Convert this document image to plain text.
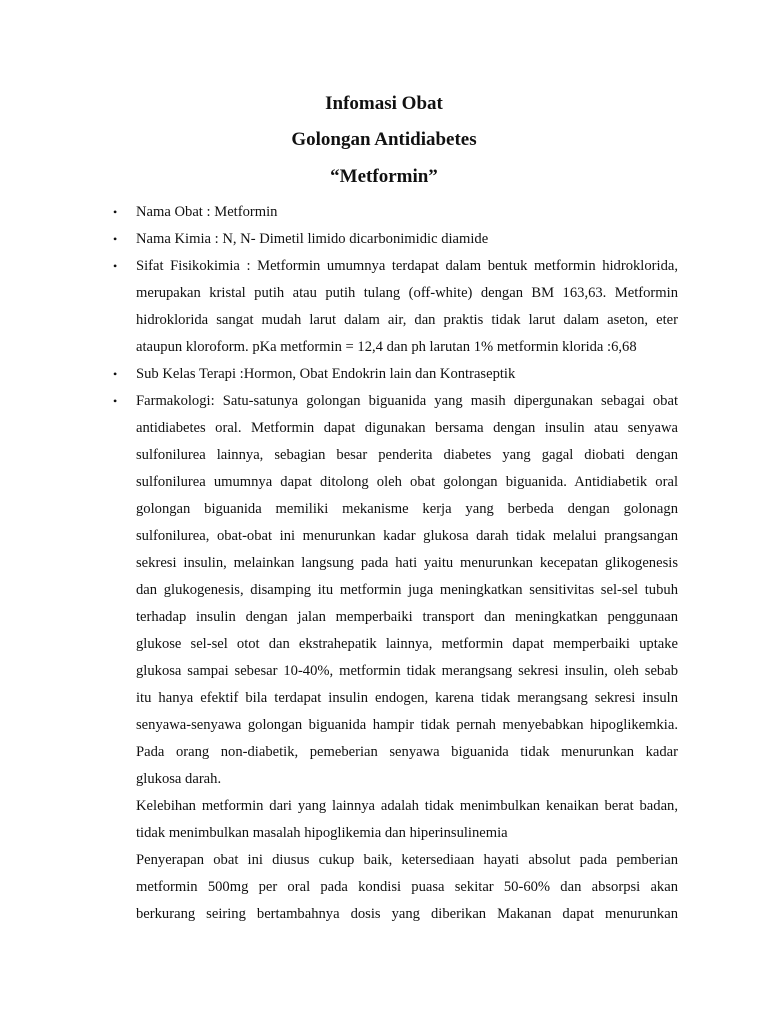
Infomasi Obat
Golongan Antidiabetes
“Metformin”
• Nama Obat : Metformin
• Nama Kimia : N, N- Dimetil limido dicarbonimidic diamide
• Sifat Fisikokimia : Metformin umumnya terdapat dalam bentuk metformin hidroklorida,
merupakan kristal putih atau putih tulang (off-white) dengan BM 163,63. Metformin
hidroklorida sangat mudah larut dalam air, dan praktis tidak larut dalam aseton, eter
ataupun kloroform. pKa metformin = 12,4 dan ph larutan 1% metformin klorida :6,68
• Sub Kelas Terapi :Hormon, Obat Endokrin lain dan Kontraseptik
• Farmakologi: Satu-satunya golongan biguanida yang masih dipergunakan sebagai obat
antidiabetes oral. Metformin dapat digunakan bersama dengan insulin atau senyawa
sulfonilurea lainnya, sebagian besar penderita diabetes yang gagal diobati dengan
sulfonilurea umumnya dapat ditolong oleh obat golongan biguanida. Antidiabetik oral
golongan biguanida memiliki mekanisme kerja yang berbeda dengan golonagn
sulfonilurea, obat-obat ini menurunkan kadar glukosa darah tidak melalui prangsangan
sekresi insulin, melainkan langsung pada hati yaitu menurunkan kecepatan glikogenesis
dan glukogenesis, disamping itu metformin juga meningkatkan sensitivitas sel-sel tubuh
terhadap insulin dengan jalan memperbaiki transport dan meningkatkan penggunaan
glukose sel-sel otot dan ekstrahepatik lainnya, metformin dapat memperbaiki uptake
glukosa sampai sebesar 10-40%, metformin tidak merangsang sekresi insulin, oleh sebab
itu hanya efektif bila terdapat insulin endogen, karena tidak merangsang sekresi insuln
senyawa-senyawa golongan biguanida hampir tidak pernah menyebabkan hipoglikemkia.
Pada orang non-diabetik, pemeberian senyawa biguanida tidak menurunkan kadar
glukosa darah.
Kelebihan metformin dari yang lainnya adalah tidak menimbulkan kenaikan berat badan,
tidak menimbulkan masalah hipoglikemia dan hiperinsulinemia
Penyerapan obat ini diusus cukup baik, ketersediaan hayati absolut pada pemberian
metformin 500mg per oral pada kondisi puasa sekitar 50-60% dan absorpsi akan
berkurang seiring bertambahnya dosis yang diberikan Makanan dapat menurunkan
